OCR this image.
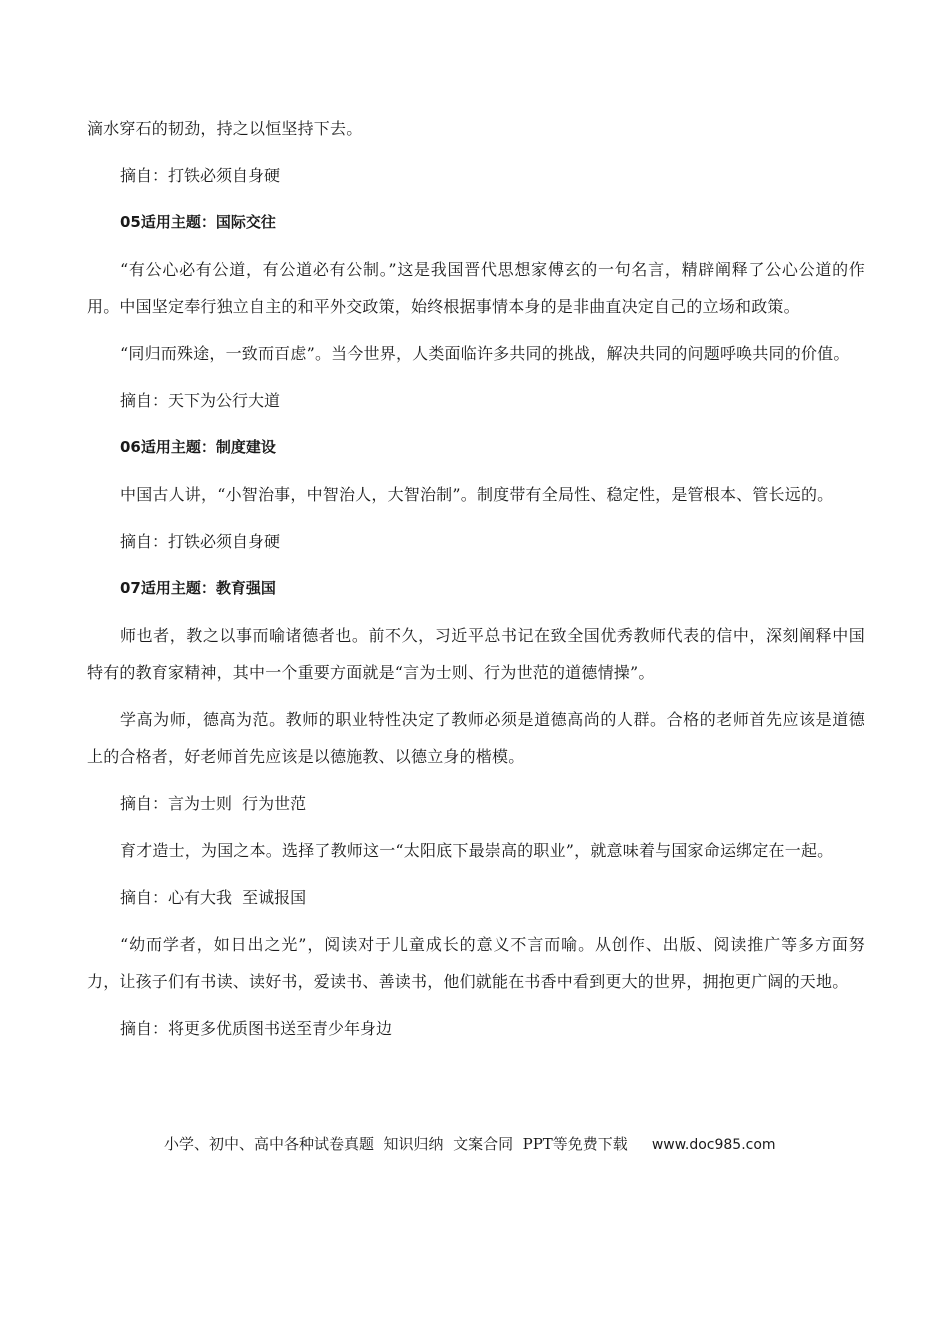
滴水穿石的韧劲，持之以恒坚持下去。
摘自：打铁必须自身硬
05适用主题：国际交往
“有公心必有公道，有公道必有公制。”这是我国晋代思想家傅玄的一句名言，精辟阐释了公心公道的作用。中国坚定奉行独立自主的和平外交政策，始终根据事情本身的是非曲直决定自己的立场和政策。
“同归而殊途，一致而百虑”。当今世界，人类面临许多共同的挑战，解决共同的问题呼唤共同的价值。
摘自：天下为公行大道
06适用主题：制度建设
中国古人讲，“小智治事，中智治人，大智治制”。制度带有全局性、稳定性，是管根本、管长远的。
摘自：打铁必须自身硬
07适用主题：教育强国
师也者，教之以事而喻诸德者也。前不久，习近平总书记在致全国优秀教师代表的信中，深刻阐释中国特有的教育家精神，其中一个重要方面就是“言为士则、行为世范的道德情操”。
学高为师，德高为范。教师的职业特性决定了教师必须是道德高尚的人群。合格的老师首先应该是道德上的合格者，好老师首先应该是以德施教、以德立身的楷模。
摘自：言为士则  行为世范
育才造士，为国之本。选择了教师这一“太阳底下最崇高的职业”，就意味着与国家命运绑定在一起。
摘自：心有大我  至诚报国
“幼而学者，如日出之光”，阅读对于儿童成长的意义不言而喻。从创作、出版、阅读推广等多方面努力，让孩子们有书读、读好书，爱读书、善读书，他们就能在书香中看到更大的世界，拥抱更广阔的天地。
摘自：将更多优质图书送至青少年身边
小学、初中、高中各种试卷真题  知识归纳  文案合同  PPT等免费下载 www.doc985.com
